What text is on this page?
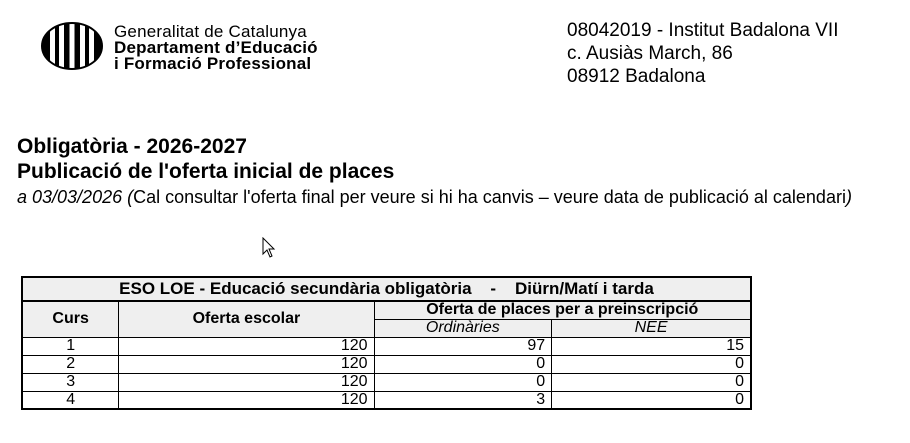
Generalitat de Catalunya
Departament d’Educació
i Formació Professional
08042019 - Institut Badalona VII
c. Ausiàs March, 86
08912 Badalona
Obligatòria - 2026-2027
Publicació de l'oferta inicial de places
a 03/03/2026 (Cal consultar l'oferta final per veure si hi ha canvis – veure data de publicació al calendari)
ESO LOE - Educació secundària obligatòria    -    Diürn/Matí i tarda			
Curs	Oferta escolar	Oferta de places per a preinscripció	
		Ordinàries	NEE
1	120	97	15
2	120	0	0
3	120	0	0
4	120	3	0
